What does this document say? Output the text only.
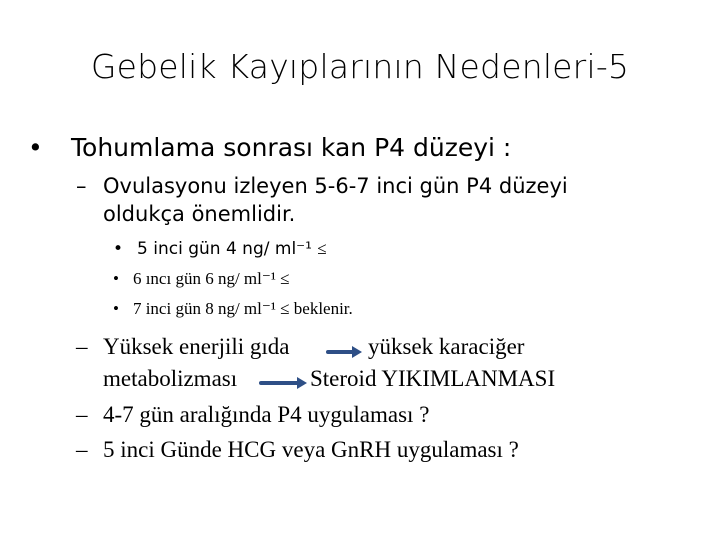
Gebelik Kayıplarının Nedenleri-5
• Tohumlama sonrası kan P4 düzeyi :
– Ovulasyonu izleyen 5-6-7 inci gün P4 düzeyi
oldukça önemlidir.
• 5 inci gün 4 ng/ ml⁻¹ ≤
• 6 ıncı gün 6 ng/ ml⁻¹ ≤
• 7 inci gün 8 ng/ ml⁻¹ ≤ beklenir.
– Yüksek enerjili gıda	yüksek karaciğer
metabolizması	Steroid YIKIMLANMASI
– 4-7 gün aralığında P4 uygulaması ?
– 5 inci Günde HCG veya GnRH uygulaması ?
